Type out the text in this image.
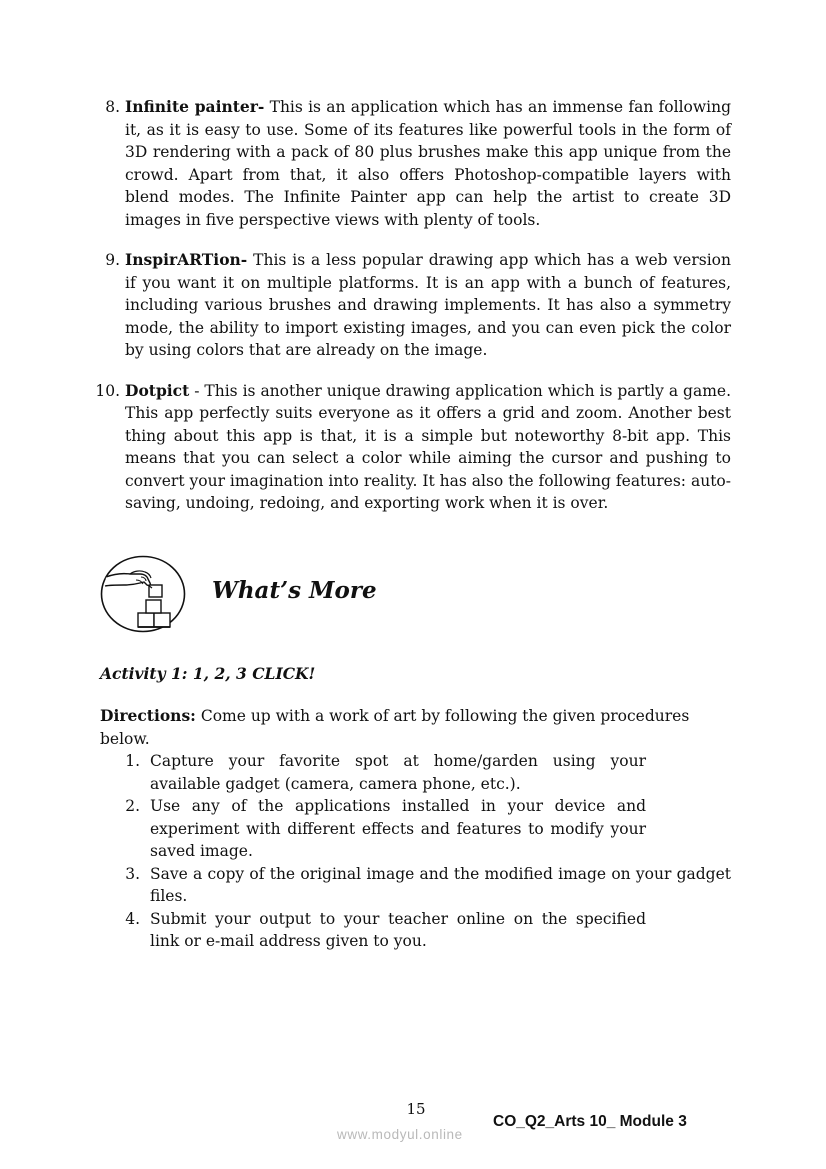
8. Infinite painter- This is an application which has an immense fan following it, as it is easy to use. Some of its features like powerful tools in the form of 3D rendering with a pack of 80 plus brushes make this app unique from the crowd. Apart from that, it also offers Photoshop-compatible layers with blend modes. The Infinite Painter app can help the artist to create 3D images in five perspective views with plenty of tools.
9. InspirARTion- This is a less popular drawing app which has a web version if you want it on multiple platforms. It is an app with a bunch of features, including various brushes and drawing implements. It has also a symmetry mode, the ability to import existing images, and you can even pick the color by using colors that are already on the image.
10. Dotpict - This is another unique drawing application which is partly a game. This app perfectly suits everyone as it offers a grid and zoom. Another best thing about this app is that, it is a simple but noteworthy 8-bit app. This means that you can select a color while aiming the cursor and pushing to convert your imagination into reality. It has also the following features: auto-saving, undoing, redoing, and exporting work when it is over.
What’s More
Activity 1: 1, 2, 3 CLICK!
Directions: Come up with a work of art by following the given procedures below.
1. Capture your favorite spot at home/garden using your available gadget (camera, camera phone, etc.).
2. Use any of the applications installed in your device and experiment with different effects and features to modify your saved image.
3. Save a copy of the original image and the modified image on your gadget files.
4. Submit your output to your teacher online on the specified link or e-mail address given to you.
15
CO_Q2_Arts 10_ Module 3
www.modyul.online
